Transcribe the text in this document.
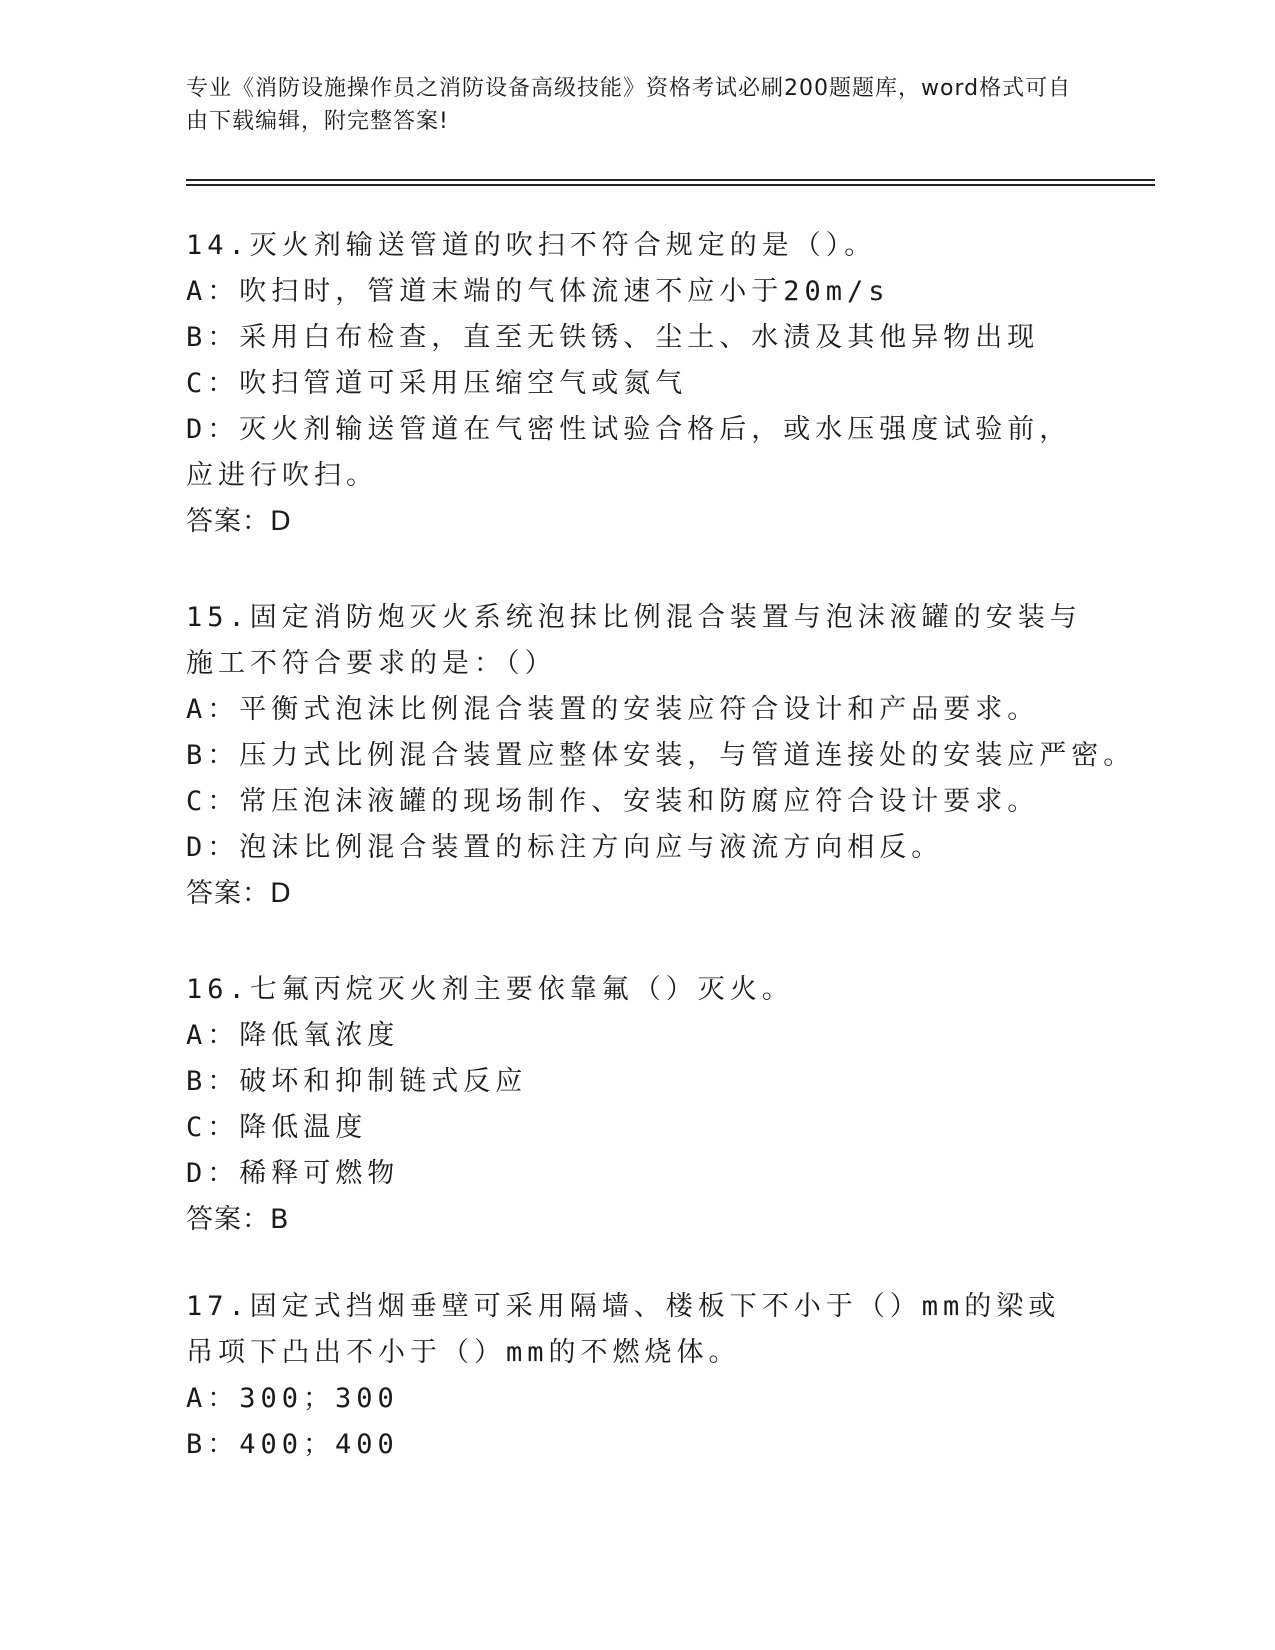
专业《消防设施操作员之消防设备高级技能》资格考试必刷200题题库，word格式可自由下载编辑，附完整答案!
14.灭火剂输送管道的吹扫不符合规定的是（）。
A：吹扫时，管道末端的气体流速不应小于20m/s
B：采用白布检查，直至无铁锈、尘土、水渍及其他异物出现
C：吹扫管道可采用压缩空气或氮气
D：灭火剂输送管道在气密性试验合格后，或水压强度试验前，应进行吹扫。
答案：D
15.固定消防炮灭火系统泡抹比例混合装置与泡沫液罐的安装与施工不符合要求的是：（）
A：平衡式泡沫比例混合装置的安装应符合设计和产品要求。
B：压力式比例混合装置应整体安装，与管道连接处的安装应严密。
C：常压泡沫液罐的现场制作、安装和防腐应符合设计要求。
D：泡沫比例混合装置的标注方向应与液流方向相反。
答案：D
16.七氟丙烷灭火剂主要依靠氟（）灭火。
A：降低氧浓度
B：破坏和抑制链式反应
C：降低温度
D：稀释可燃物
答案：B
17.固定式挡烟垂壁可采用隔墙、楼板下不小于（）mm的梁或吊项下凸出不小于（）mm的不燃烧体。
A：300；300
B：400；400
